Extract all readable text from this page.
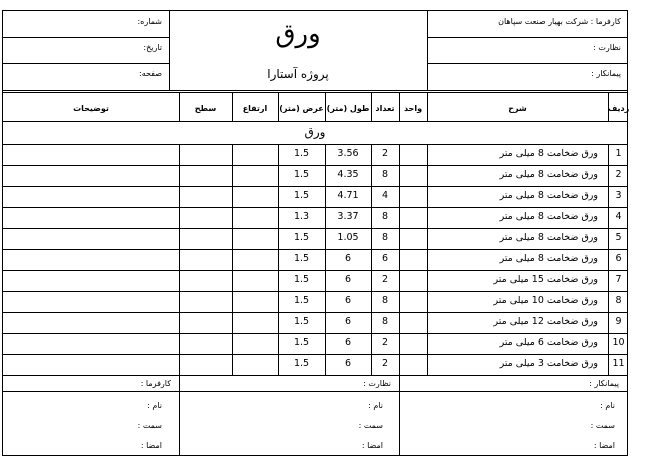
شماره:
تاریخ:
صفحه:
ورق
پروژه آستارا
کارفرما : شرکت بهیار صنعت سپاهان
نظارت :
پیمانکار :
ردیف
شرح
واحد
تعداد
طول (متر)
عرض (متر)
ارتفاع
سطح
توضیحات
ورق
1
ورق ضخامت 8 میلی متر
2
3.56
1.5
2
ورق ضخامت 8 میلی متر
8
4.35
1.5
3
ورق ضخامت 8 میلی متر
4
4.71
1.5
4
ورق ضخامت 8 میلی متر
8
3.37
1.3
5
ورق ضخامت 8 میلی متر
8
1.05
1.5
6
ورق ضخامت 8 میلی متر
6
6
1.5
7
ورق ضخامت 15 میلی متر
2
6
1.5
8
ورق ضخامت 10 میلی متر
8
6
1.5
9
ورق ضخامت 12 میلی متر
8
6
1.5
10
ورق ضخامت 6 میلی متر
2
6
1.5
11
ورق ضخامت 3 میلی متر
2
6
1.5
پیمانکار :
نظارت :
کارفرما :
نام :
سمت :
امضا :
نام :
سمت :
امضا :
نام :
سمت :
امضا :
